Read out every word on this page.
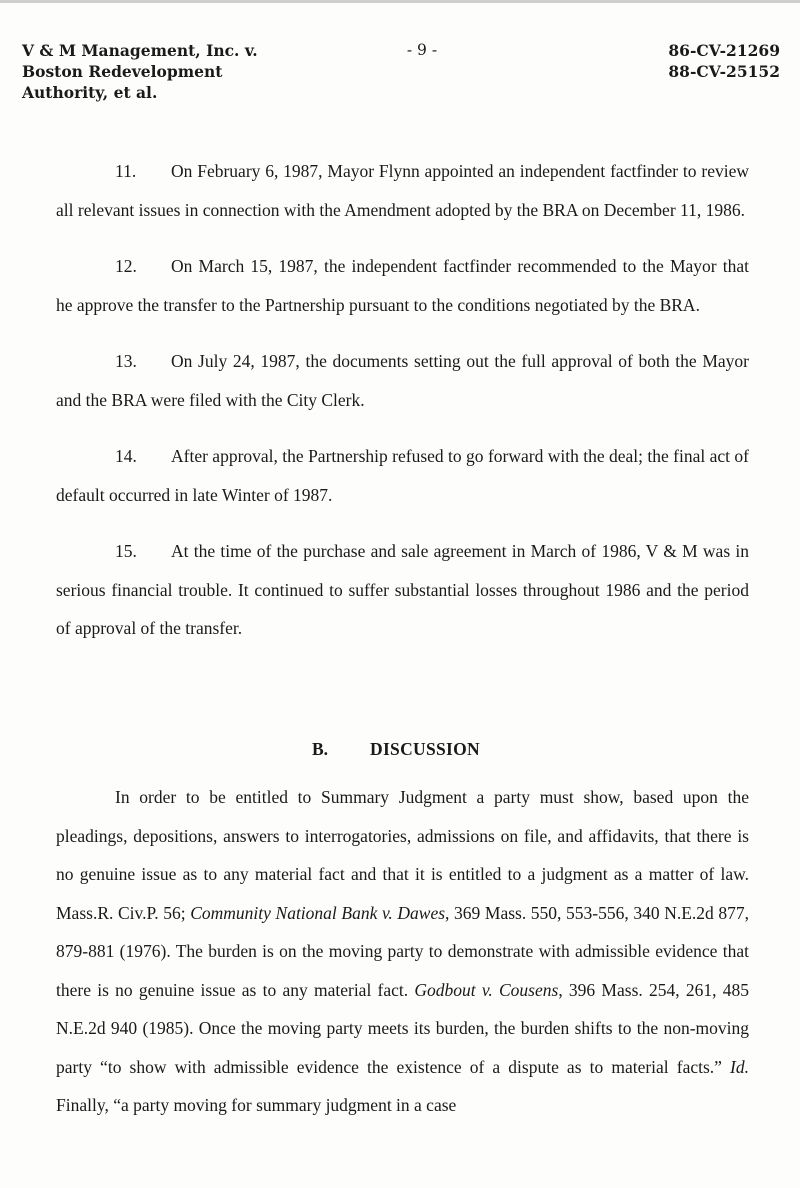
V & M Management, Inc. v.
Boston Redevelopment
Authority, et al.
- 9 -	86-CV-21269
88-CV-25152

11. On February 6, 1987, Mayor Flynn appointed an independent factfinder to review all relevant issues in connection with the Amendment adopted by the BRA on December 11, 1986.

12. On March 15, 1987, the independent factfinder recommended to the Mayor that he approve the transfer to the Partnership pursuant to the conditions negotiated by the BRA.

13. On July 24, 1987, the documents setting out the full approval of both the Mayor and the BRA were filed with the City Clerk.

14. After approval, the Partnership refused to go forward with the deal; the final act of default occurred in late Winter of 1987.

15. At the time of the purchase and sale agreement in March of 1986, V & M was in serious financial trouble. It continued to suffer substantial losses throughout 1986 and the period of approval of the transfer.

B. DISCUSSION

In order to be entitled to Summary Judgment a party must show, based upon the pleadings, depositions, answers to interrogatories, admissions on file, and affidavits, that there is no genuine issue as to any material fact and that it is entitled to a judgment as a matter of law. Mass.R. Civ.P. 56; Community National Bank v. Dawes, 369 Mass. 550, 553-556, 340 N.E.2d 877, 879-881 (1976). The burden is on the moving party to demonstrate with admissible evidence that there is no genuine issue as to any material fact. Godbout v. Cousens, 396 Mass. 254, 261, 485 N.E.2d 940 (1985). Once the moving party meets its burden, the burden shifts to the non-moving party “to show with admissible evidence the existence of a dispute as to material facts.” Id. Finally, “a party moving for summary judgment in a case
